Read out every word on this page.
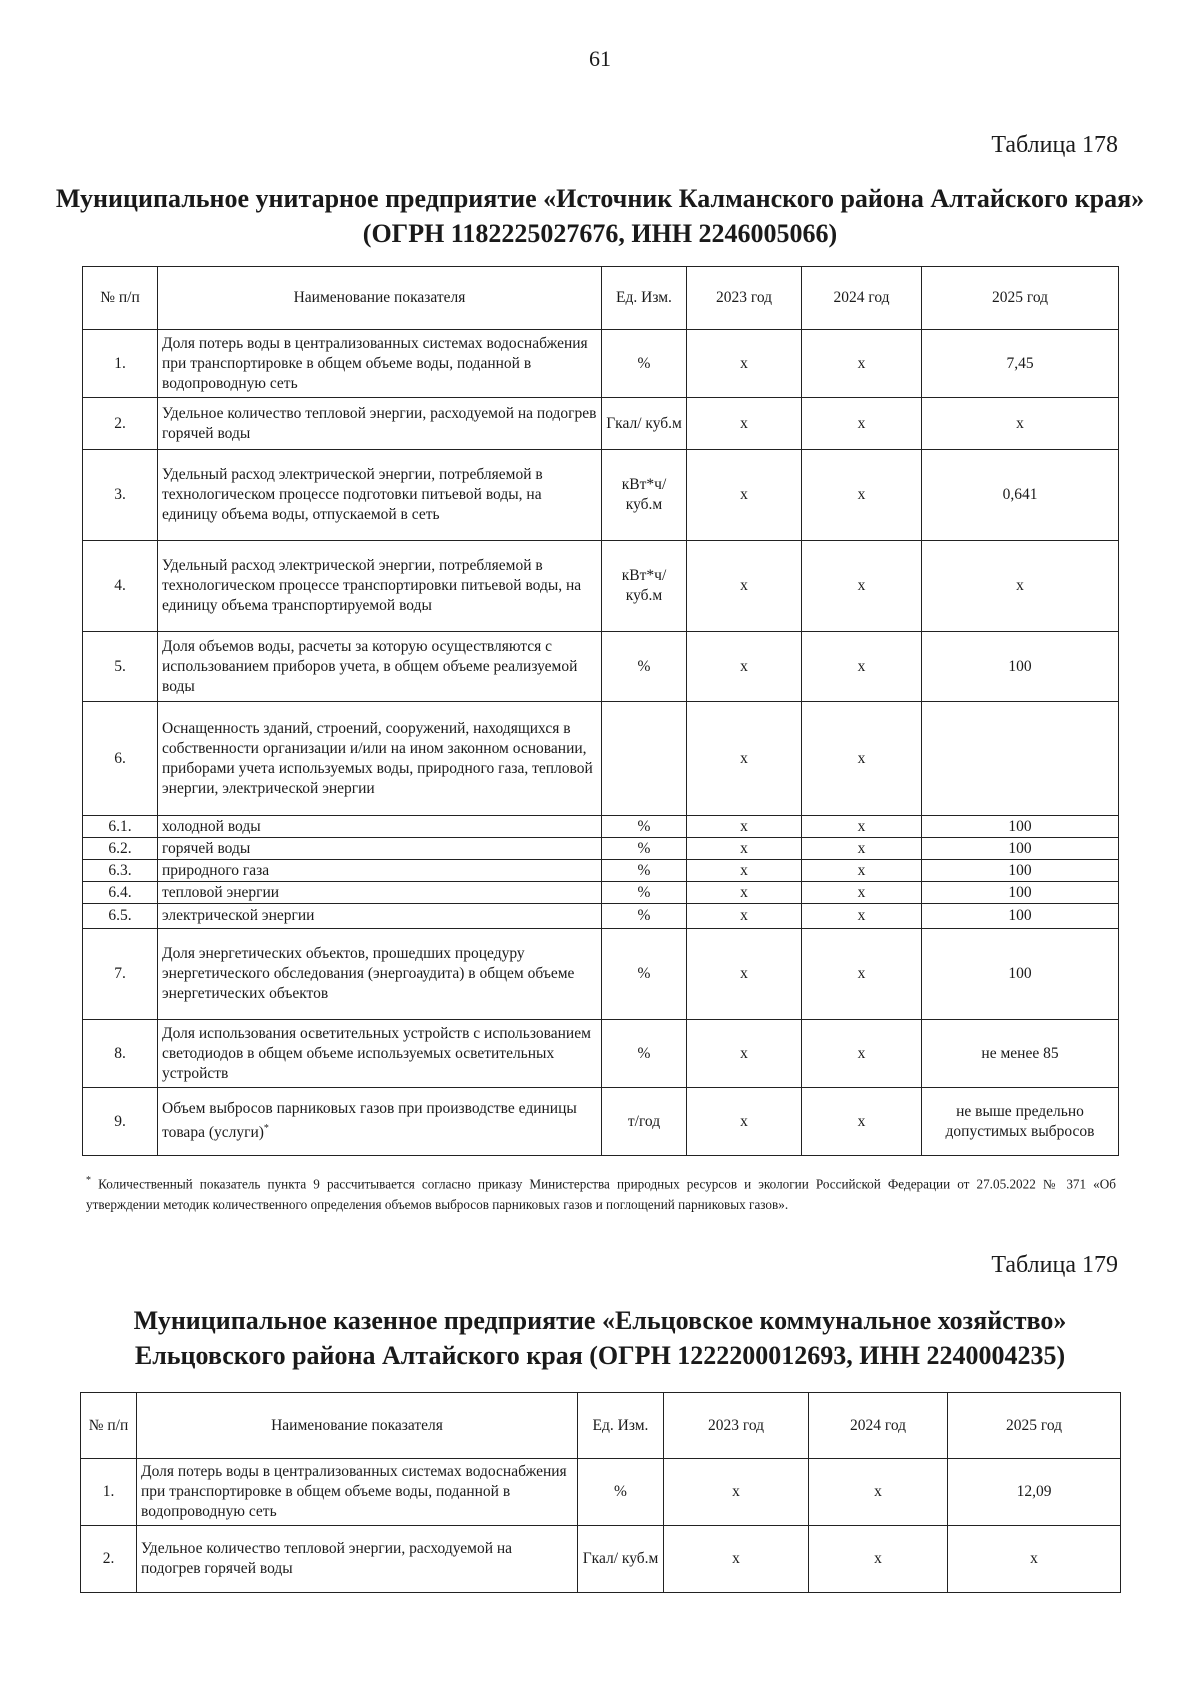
61
Таблица 178
Муниципальное унитарное предприятие «Источник Калманского района Алтайского края»
(ОГРН 1182225027676, ИНН 2246005066)
№ п/п	Наименование показателя	Ед. Изм.	2023 год	2024 год	2025 год
1.	Доля потерь воды в централизованных системах водоснабжения при транспортировке в общем объеме воды, поданной в водопроводную сеть	%	х	х	7,45
2.	Удельное количество тепловой энергии, расходуемой на подогрев горячей воды	Гкал/ куб.м	х	х	х
3.	Удельный расход электрической энергии, потребляемой в технологическом процессе подготовки питьевой воды, на единицу объема воды, отпускаемой в сеть	кВт*ч/ куб.м	х	х	0,641
4.	Удельный расход электрической энергии, потребляемой в технологическом процессе транспортировки питьевой воды, на единицу объема транспортируемой воды	кВт*ч/ куб.м	х	х	х
5.	Доля объемов воды, расчеты за которую осуществляются с использованием приборов учета, в общем объеме реализуемой воды	%	х	х	100
6.	Оснащенность зданий, строений, сооружений, находящихся в собственности организации и/или на ином законном основании, приборами учета используемых воды, природного газа, тепловой энергии, электрической энергии		х	х	
6.1.	холодной воды	%	х	х	100
6.2.	горячей воды	%	х	х	100
6.3.	природного газа	%	х	х	100
6.4.	тепловой энергии	%	х	х	100
6.5.	электрической энергии	%	х	х	100
7.	Доля энергетических объектов, прошедших процедуру энергетического обследования (энергоаудита) в общем объеме энергетических объектов	%	х	х	100
8.	Доля использования осветительных устройств с использованием светодиодов в общем объеме используемых осветительных устройств	%	х	х	не менее 85
9.	Объем выбросов парниковых газов при производстве единицы товара (услуги)*	т/год	х	х	не выше предельно допустимых выбросов
* Количественный показатель пункта 9 рассчитывается согласно приказу Министерства природных ресурсов и экологии Российской Федерации от 27.05.2022 № 371 «Об утверждении методик количественного определения объемов выбросов парниковых газов и поглощений парниковых газов».
Таблица 179
Муниципальное казенное предприятие «Ельцовское коммунальное хозяйство»
Ельцовского района Алтайского края (ОГРН 1222200012693, ИНН 2240004235)
№ п/п	Наименование показателя	Ед. Изм.	2023 год	2024 год	2025 год
1.	Доля потерь воды в централизованных системах водоснабжения при транспортировке в общем объеме воды, поданной в водопроводную сеть	%	х	х	12,09
2.	Удельное количество тепловой энергии, расходуемой на подогрев горячей воды	Гкал/ куб.м	х	х	х
